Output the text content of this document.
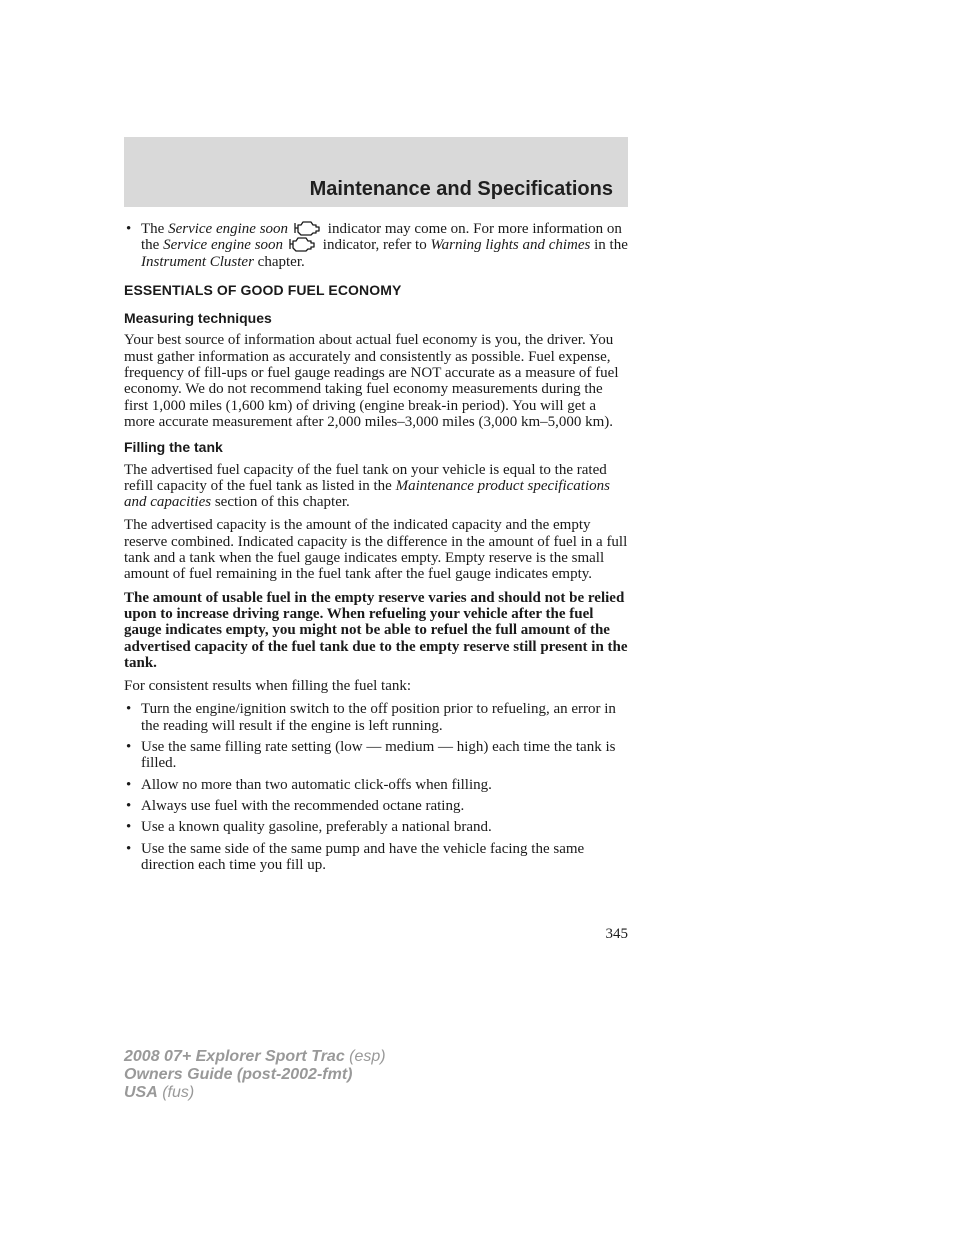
Maintenance and Specifications
• The Service engine soon indicator may come on. For more information on the Service engine soon indicator, refer to Warning lights and chimes in the Instrument Cluster chapter.
ESSENTIALS OF GOOD FUEL ECONOMY
Measuring techniques

Your best source of information about actual fuel economy is you, the driver. You must gather information as accurately and consistently as possible. Fuel expense, frequency of fill-ups or fuel gauge readings are NOT accurate as a measure of fuel economy. We do not recommend taking fuel economy measurements during the first 1,000 miles (1,600 km) of driving (engine break-in period). You will get a more accurate measurement after 2,000 miles–3,000 miles (3,000 km–5,000 km).

Filling the tank

The advertised fuel capacity of the fuel tank on your vehicle is equal to the rated refill capacity of the fuel tank as listed in the Maintenance product specifications and capacities section of this chapter.

The advertised capacity is the amount of the indicated capacity and the empty reserve combined. Indicated capacity is the difference in the amount of fuel in a full tank and a tank when the fuel gauge indicates empty. Empty reserve is the small amount of fuel remaining in the fuel tank after the fuel gauge indicates empty.

The amount of usable fuel in the empty reserve varies and should not be relied upon to increase driving range. When refueling your vehicle after the fuel gauge indicates empty, you might not be able to refuel the full amount of the advertised capacity of the fuel tank due to the empty reserve still present in the tank.

For consistent results when filling the fuel tank:

• Turn the engine/ignition switch to the off position prior to refueling, an error in the reading will result if the engine is left running.
• Use the same filling rate setting (low — medium — high) each time the tank is filled.
• Allow no more than two automatic click-offs when filling.
• Always use fuel with the recommended octane rating.
• Use a known quality gasoline, preferably a national brand.
• Use the same side of the same pump and have the vehicle facing the same direction each time you fill up.

345

2008 07+ Explorer Sport Trac (esp)
Owners Guide (post-2002-fmt)
USA (fus)
